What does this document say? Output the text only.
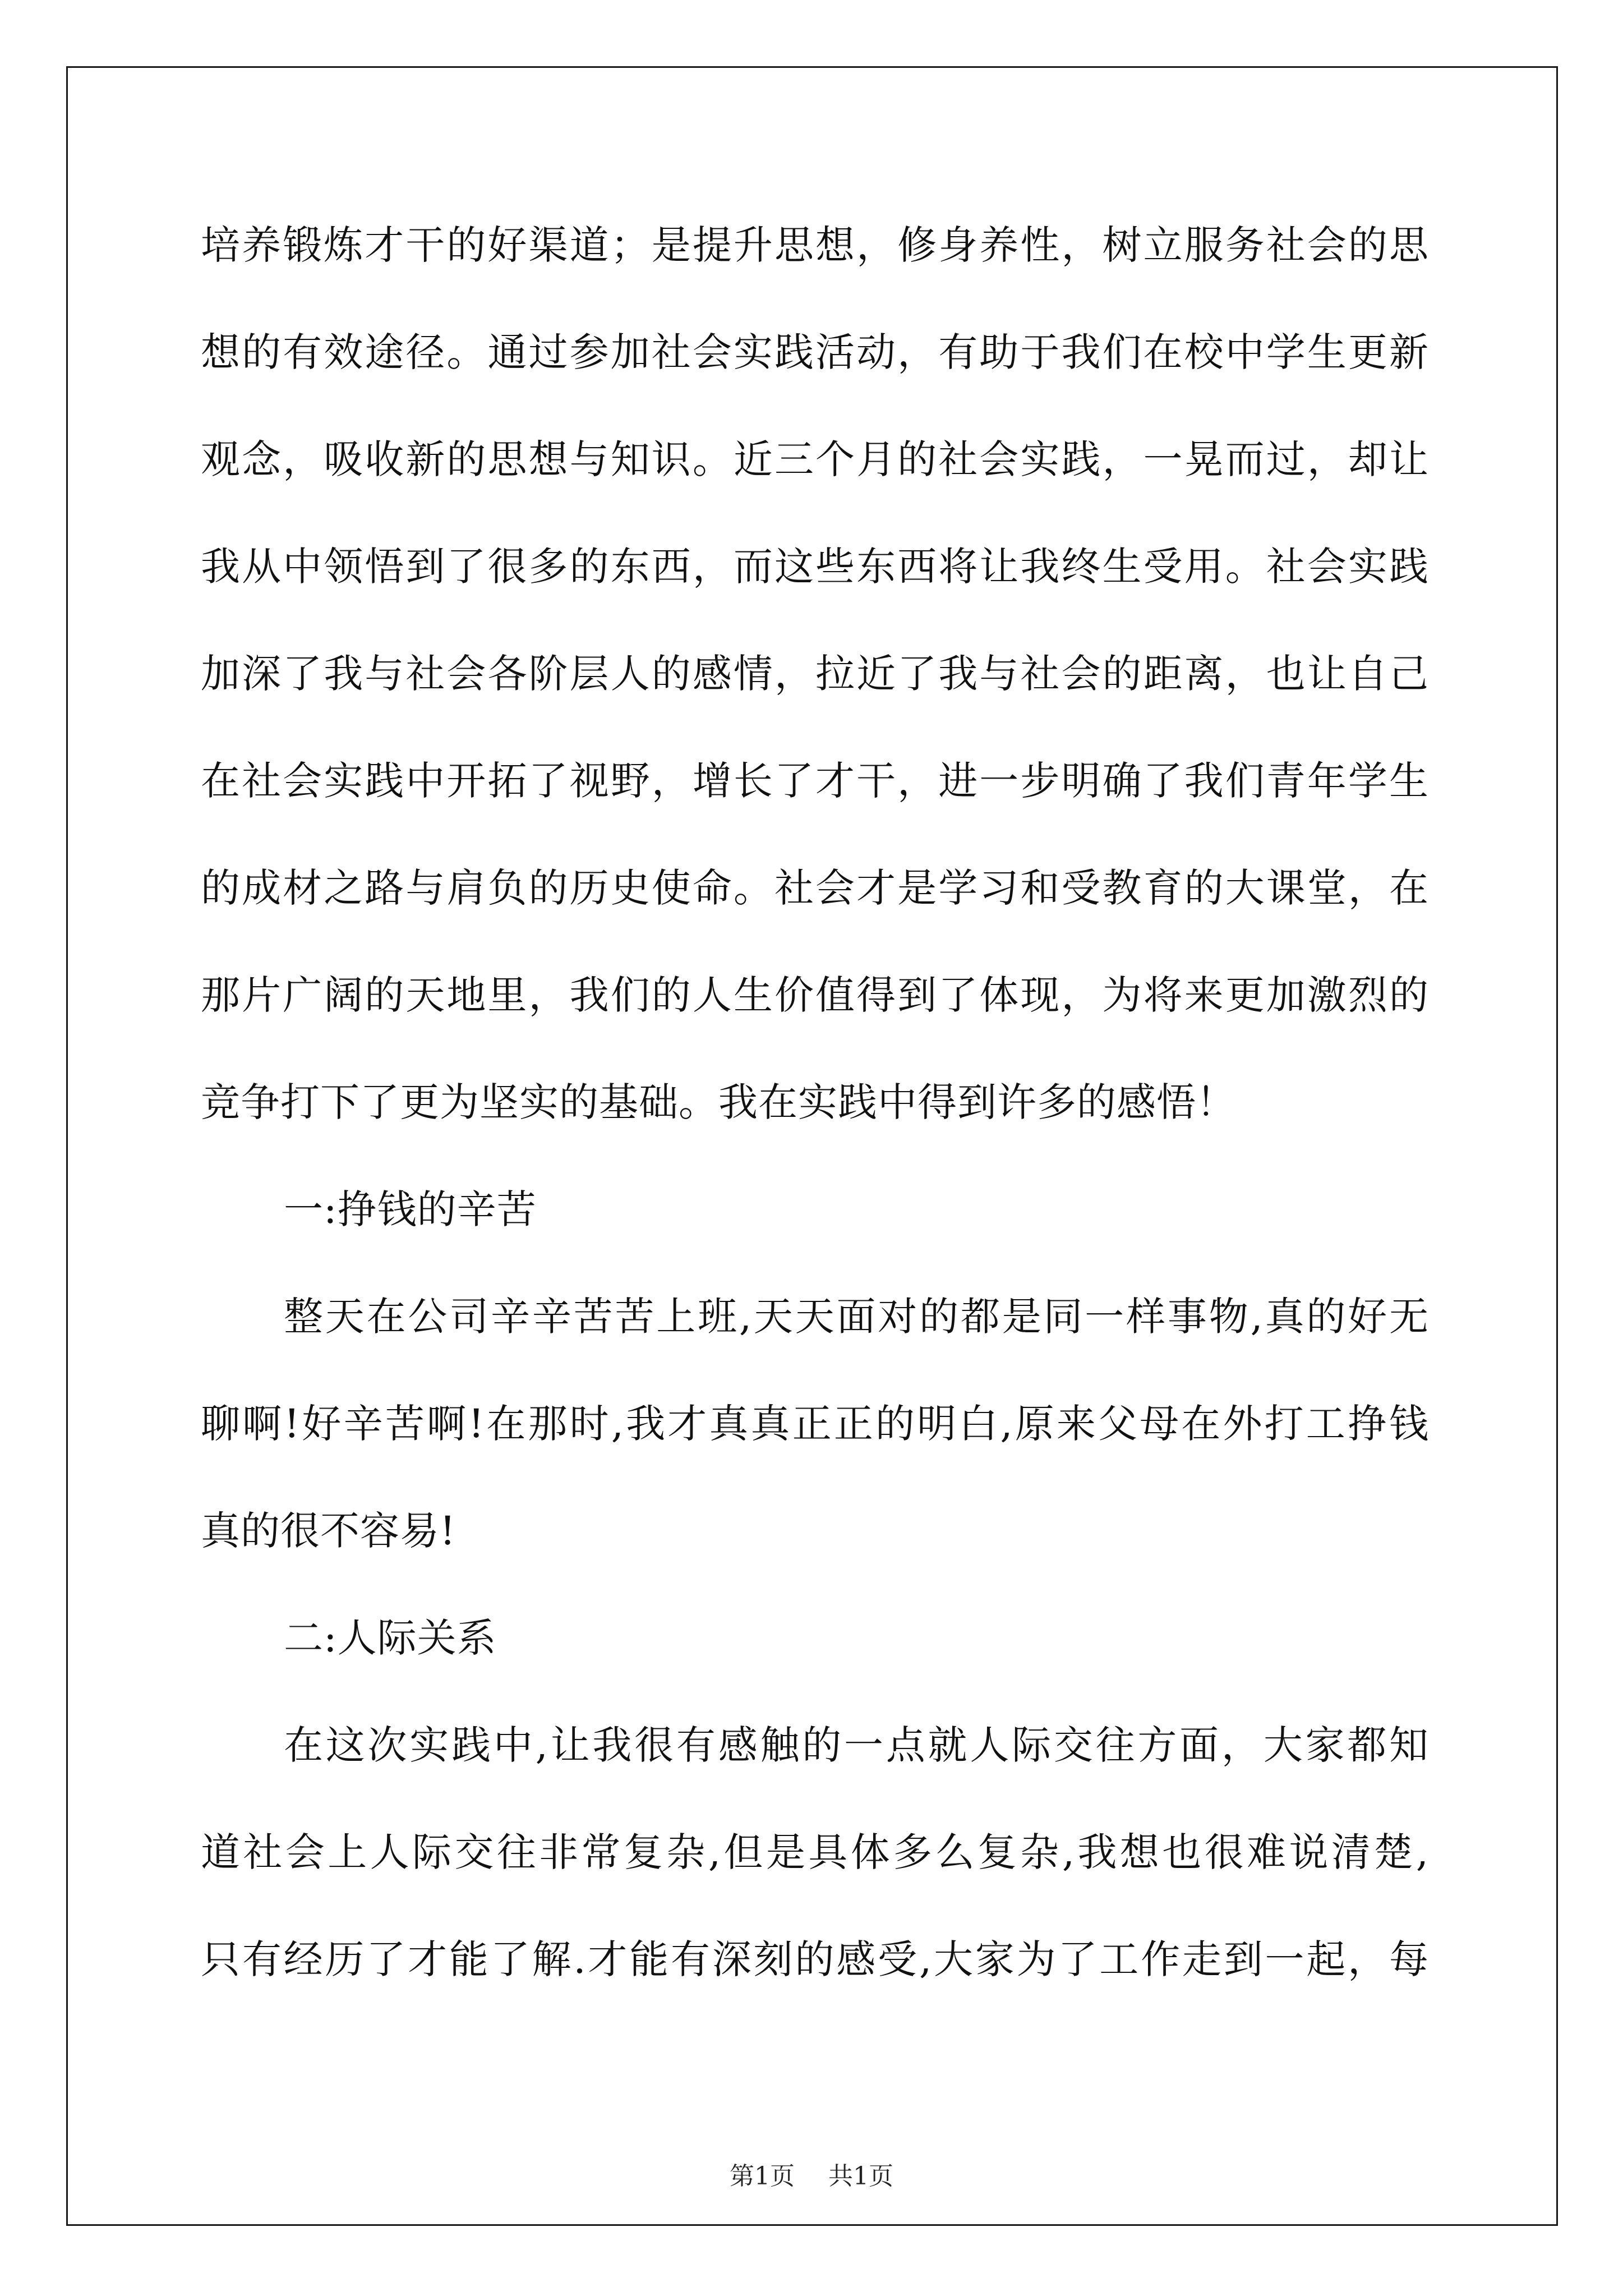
培养锻炼才干的好渠道；是提升思想，修身养性，树立服务社会的思
想的有效途径。通过参加社会实践活动，有助于我们在校中学生更新
观念，吸收新的思想与知识。近三个月的社会实践，一晃而过，却让
我从中领悟到了很多的东西，而这些东西将让我终生受用。社会实践
加深了我与社会各阶层人的感情，拉近了我与社会的距离，也让自己
在社会实践中开拓了视野，增长了才干，进一步明确了我们青年学生
的成材之路与肩负的历史使命。社会才是学习和受教育的大课堂，在
那片广阔的天地里，我们的人生价值得到了体现，为将来更加激烈的
竞争打下了更为坚实的基础。我在实践中得到许多的感悟！
一:挣钱的辛苦
整天在公司辛辛苦苦上班,天天面对的都是同一样事物,真的好无
聊啊!好辛苦啊!在那时,我才真真正正的明白,原来父母在外打工挣钱
真的很不容易!
二:人际关系
在这次实践中,让我很有感触的一点就人际交往方面，大家都知
道社会上人际交往非常复杂,但是具体多么复杂,我想也很难说清楚,
只有经历了才能了解.才能有深刻的感受,大家为了工作走到一起，每
第1页 共1页
